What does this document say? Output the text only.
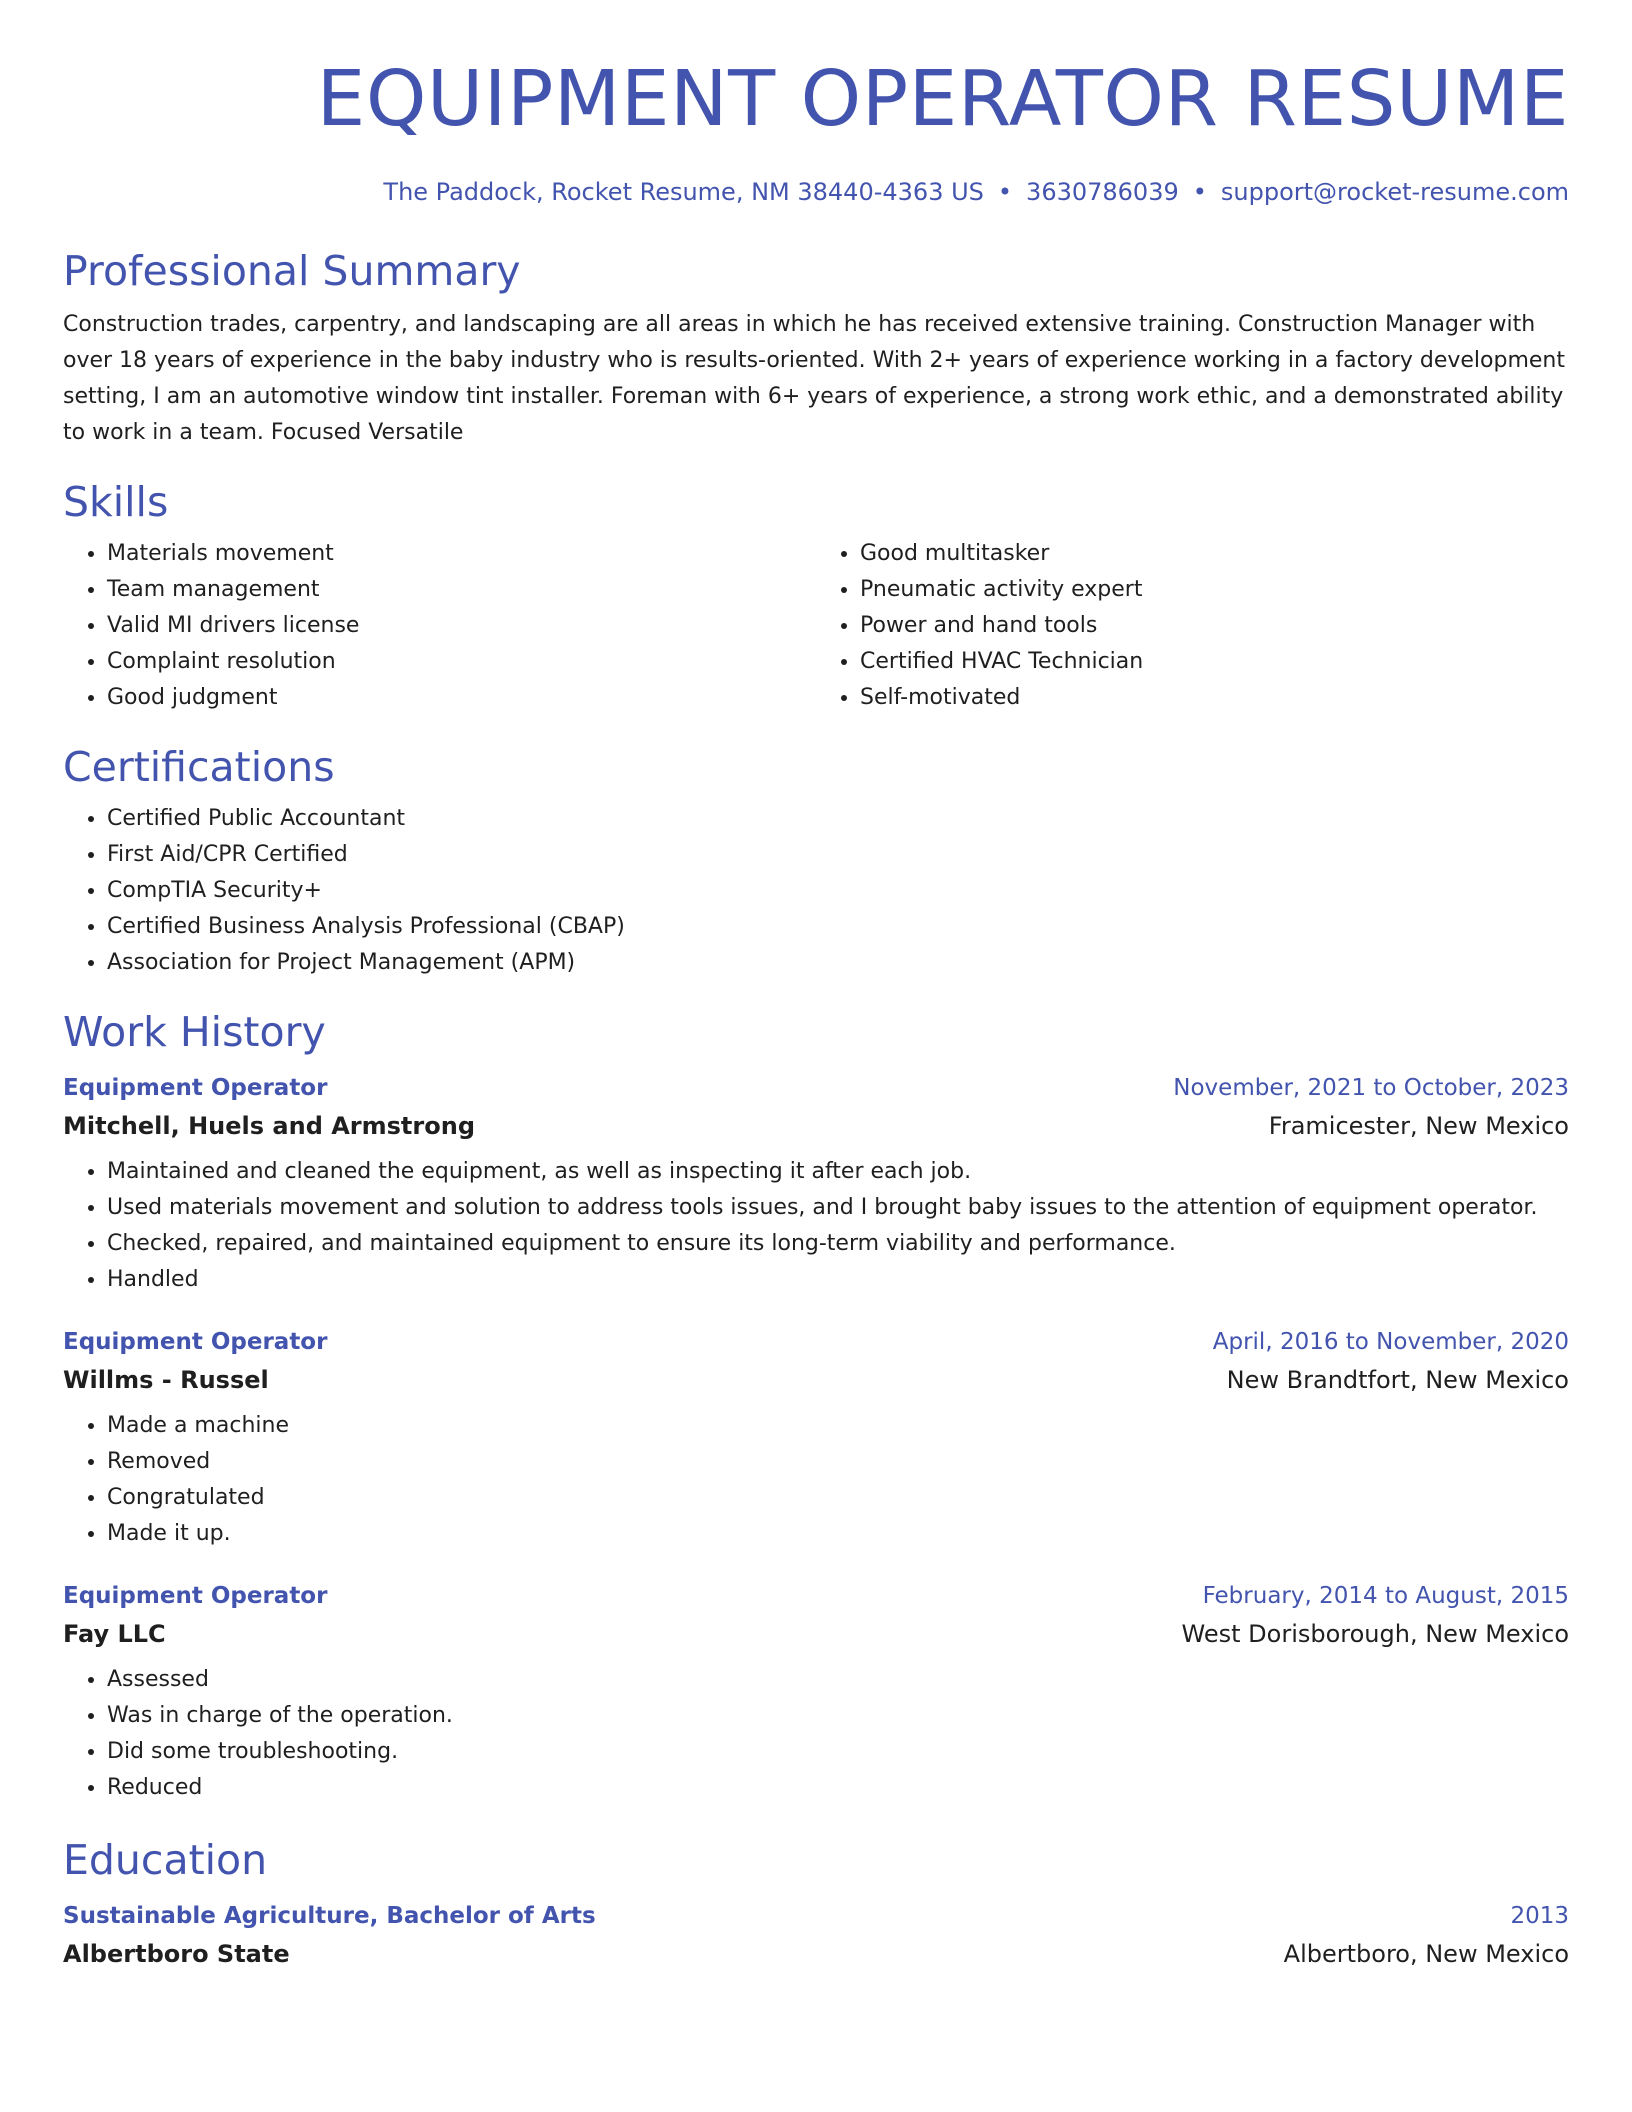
EQUIPMENT OPERATOR RESUME
The Paddock, Rocket Resume, NM 38440-4363 US • 3630786039 • support@rocket-resume.com
Professional Summary
Construction trades, carpentry, and landscaping are all areas in which he has received extensive training. Construction Manager with over 18 years of experience in the baby industry who is results-oriented. With 2+ years of experience working in a factory development setting, I am an automotive window tint installer. Foreman with 6+ years of experience, a strong work ethic, and a demonstrated ability to work in a team. Focused Versatile
Skills
• Materials movement
• Team management
• Valid MI drivers license
• Complaint resolution
• Good judgment
• Good multitasker
• Pneumatic activity expert
• Power and hand tools
• Certified HVAC Technician
• Self-motivated
Certifications
• Certified Public Accountant
• First Aid/CPR Certified
• CompTIA Security+
• Certified Business Analysis Professional (CBAP)
• Association for Project Management (APM)
Work History
Equipment Operator	November, 2021 to October, 2023
Mitchell, Huels and Armstrong	Framicester, New Mexico
• Maintained and cleaned the equipment, as well as inspecting it after each job.
• Used materials movement and solution to address tools issues, and I brought baby issues to the attention of equipment operator.
• Checked, repaired, and maintained equipment to ensure its long-term viability and performance.
• Handled
Equipment Operator	April, 2016 to November, 2020
Willms - Russel	New Brandtfort, New Mexico
• Made a machine
• Removed
• Congratulated
• Made it up.
Equipment Operator	February, 2014 to August, 2015
Fay LLC	West Dorisborough, New Mexico
• Assessed
• Was in charge of the operation.
• Did some troubleshooting.
• Reduced
Education
Sustainable Agriculture, Bachelor of Arts	2013
Albertboro State	Albertboro, New Mexico
